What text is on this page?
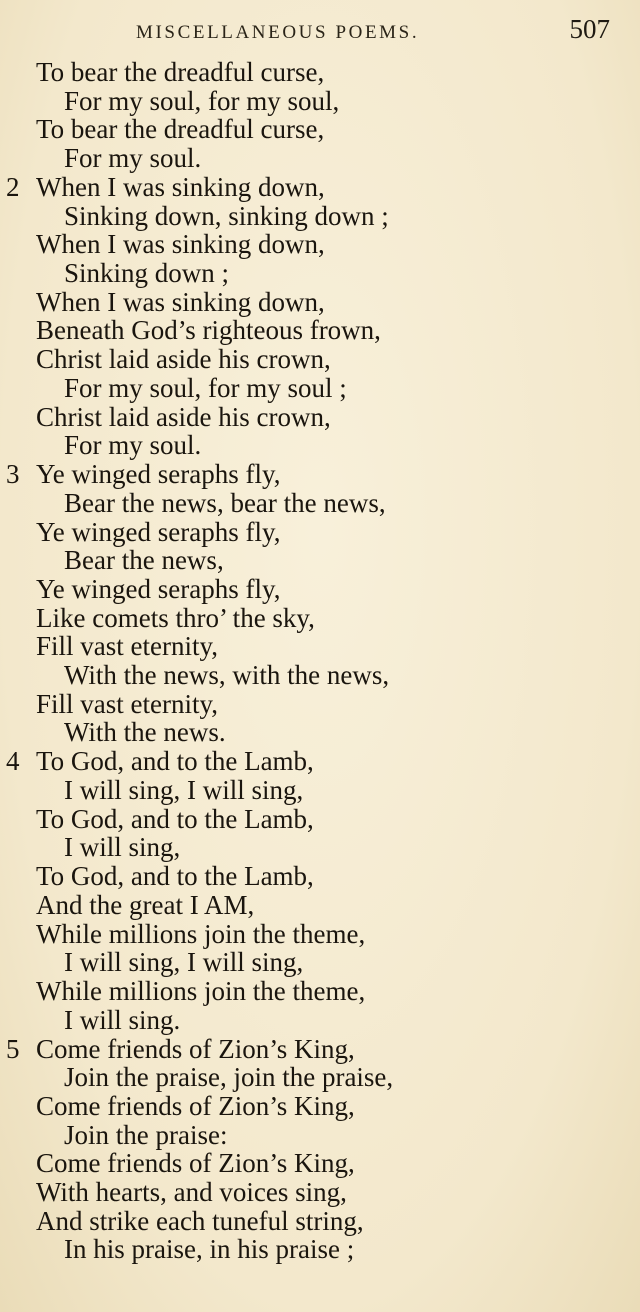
MISCELLANEOUS POEMS.	507
To bear the dreadful curse,
For my soul, for my soul,
To bear the dreadful curse,
For my soul.
2 When I was sinking down,
Sinking down, sinking down ;
When I was sinking down,
Sinking down ;
When I was sinking down,
Beneath God’s righteous frown,
Christ laid aside his crown,
For my soul, for my soul ;
Christ laid aside his crown,
For my soul.
3 Ye winged seraphs fly,
Bear the news, bear the news,
Ye winged seraphs fly,
Bear the news,
Ye winged seraphs fly,
Like comets thro’ the sky,
Fill vast eternity,
With the news, with the news,
Fill vast eternity,
With the news.
4 To God, and to the Lamb,
I will sing, I will sing,
To God, and to the Lamb,
I will sing,
To God, and to the Lamb,
And the great I AM,
While millions join the theme,
I will sing, I will sing,
While millions join the theme,
I will sing.
5 Come friends of Zion’s King,
Join the praise, join the praise,
Come friends of Zion’s King,
Join the praise:
Come friends of Zion’s King,
With hearts, and voices sing,
And strike each tuneful string,
In his praise, in his praise ;
